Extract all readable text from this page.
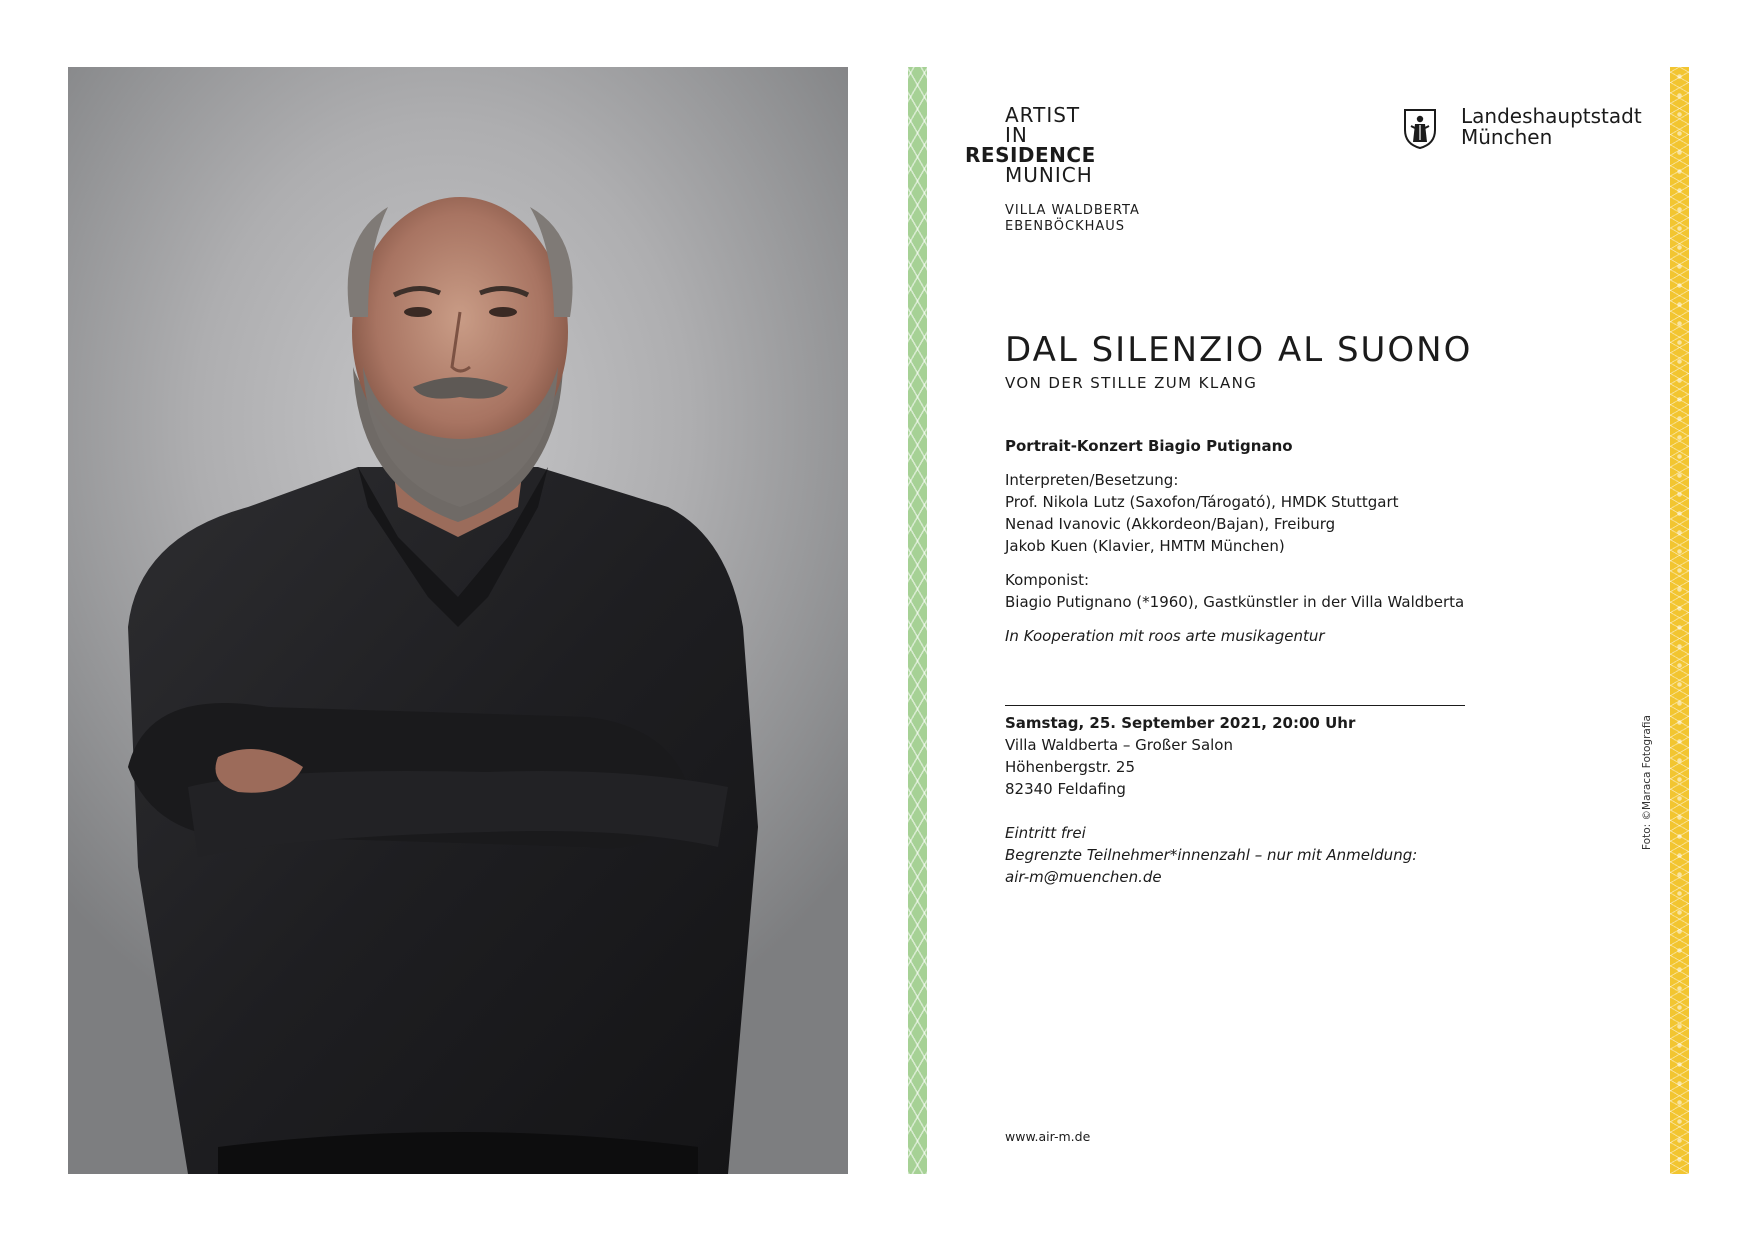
ARTIST
IN
RESIDENCE
MUNICH
VILLA WALDBERTA
EBENBÖCKHAUS
Landeshauptstadt
München
DAL SILENZIO AL SUONO
VON DER STILLE ZUM KLANG
Portrait-Konzert Biagio Putignano
Interpreten/Besetzung:
Prof. Nikola Lutz (Saxofon/Tárogató), HMDK Stuttgart
Nenad Ivanovic (Akkordeon/Bajan), Freiburg
Jakob Kuen (Klavier, HMTM München)
Komponist:
Biagio Putignano (*1960), Gastkünstler in der Villa Waldberta
In Kooperation mit roos arte musikagentur
Samstag, 25. September 2021, 20:00 Uhr
Villa Waldberta – Großer Salon
Höhenbergstr. 25
82340 Feldafing
Eintritt frei
Begrenzte Teilnehmer*innenzahl – nur mit Anmeldung:
air-m@muenchen.de
www.air-m.de
Foto: ©Maraca Fotografia
